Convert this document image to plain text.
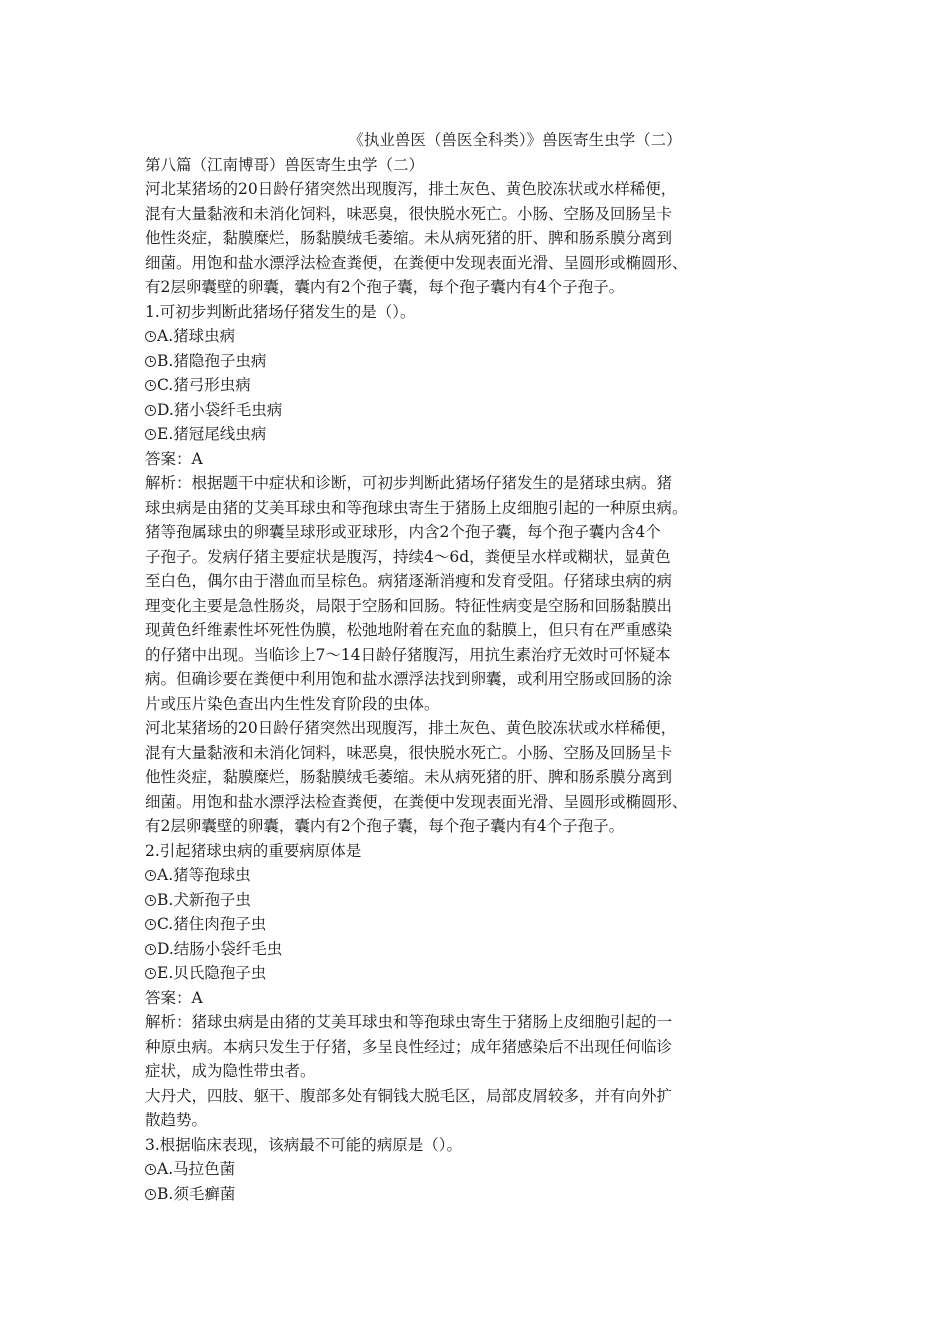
《执业兽医（兽医全科类）》兽医寄生虫学（二）

第八篇（江南博哥）兽医寄生虫学（二）

河北某猪场的20日龄仔猪突然出现腹泻，排土灰色、黄色胶冻状或水样稀便，

混有大量黏液和未消化饲料，味恶臭，很快脱水死亡。小肠、空肠及回肠呈卡

他性炎症，黏膜糜烂，肠黏膜绒毛萎缩。未从病死猪的肝、脾和肠系膜分离到

细菌。用饱和盐水漂浮法检查粪便，在粪便中发现表面光滑、呈圆形或椭圆形、

有2层卵囊壁的卵囊，囊内有2个孢子囊，每个孢子囊内有4个子孢子。

1.可初步判断此猪场仔猪发生的是（）。

A.猪球虫病

B.猪隐孢子虫病

C.猪弓形虫病

D.猪小袋纤毛虫病

E.猪冠尾线虫病

答案：A

解析：根据题干中症状和诊断，可初步判断此猪场仔猪发生的是猪球虫病。猪

球虫病是由猪的艾美耳球虫和等孢球虫寄生于猪肠上皮细胞引起的一种原虫病。

猪等孢属球虫的卵囊呈球形或亚球形，内含2个孢子囊，每个孢子囊内含4个

子孢子。发病仔猪主要症状是腹泻，持续4～6d，粪便呈水样或糊状，显黄色

至白色，偶尔由于潜血而呈棕色。病猪逐渐消瘦和发育受阻。仔猪球虫病的病

理变化主要是急性肠炎，局限于空肠和回肠。特征性病变是空肠和回肠黏膜出

现黄色纤维素性坏死性伪膜，松弛地附着在充血的黏膜上，但只有在严重感染

的仔猪中出现。当临诊上7～14日龄仔猪腹泻，用抗生素治疗无效时可怀疑本

病。但确诊要在粪便中利用饱和盐水漂浮法找到卵囊，或利用空肠或回肠的涂

片或压片染色查出内生性发育阶段的虫体。

河北某猪场的20日龄仔猪突然出现腹泻，排土灰色、黄色胶冻状或水样稀便，

混有大量黏液和未消化饲料，味恶臭，很快脱水死亡。小肠、空肠及回肠呈卡

他性炎症，黏膜糜烂，肠黏膜绒毛萎缩。未从病死猪的肝、脾和肠系膜分离到

细菌。用饱和盐水漂浮法检查粪便，在粪便中发现表面光滑、呈圆形或椭圆形、

有2层卵囊壁的卵囊，囊内有2个孢子囊，每个孢子囊内有4个子孢子。

2.引起猪球虫病的重要病原体是

A.猪等孢球虫

B.犬新孢子虫

C.猪住肉孢子虫

D.结肠小袋纤毛虫

E.贝氏隐孢子虫

答案：A

解析：猪球虫病是由猪的艾美耳球虫和等孢球虫寄生于猪肠上皮细胞引起的一

种原虫病。本病只发生于仔猪，多呈良性经过；成年猪感染后不出现任何临诊

症状，成为隐性带虫者。

大丹犬，四肢、躯干、腹部多处有铜钱大脱毛区，局部皮屑较多，并有向外扩

散趋势。

3.根据临床表现，该病最不可能的病原是（）。

A.马拉色菌

B.须毛癣菌
